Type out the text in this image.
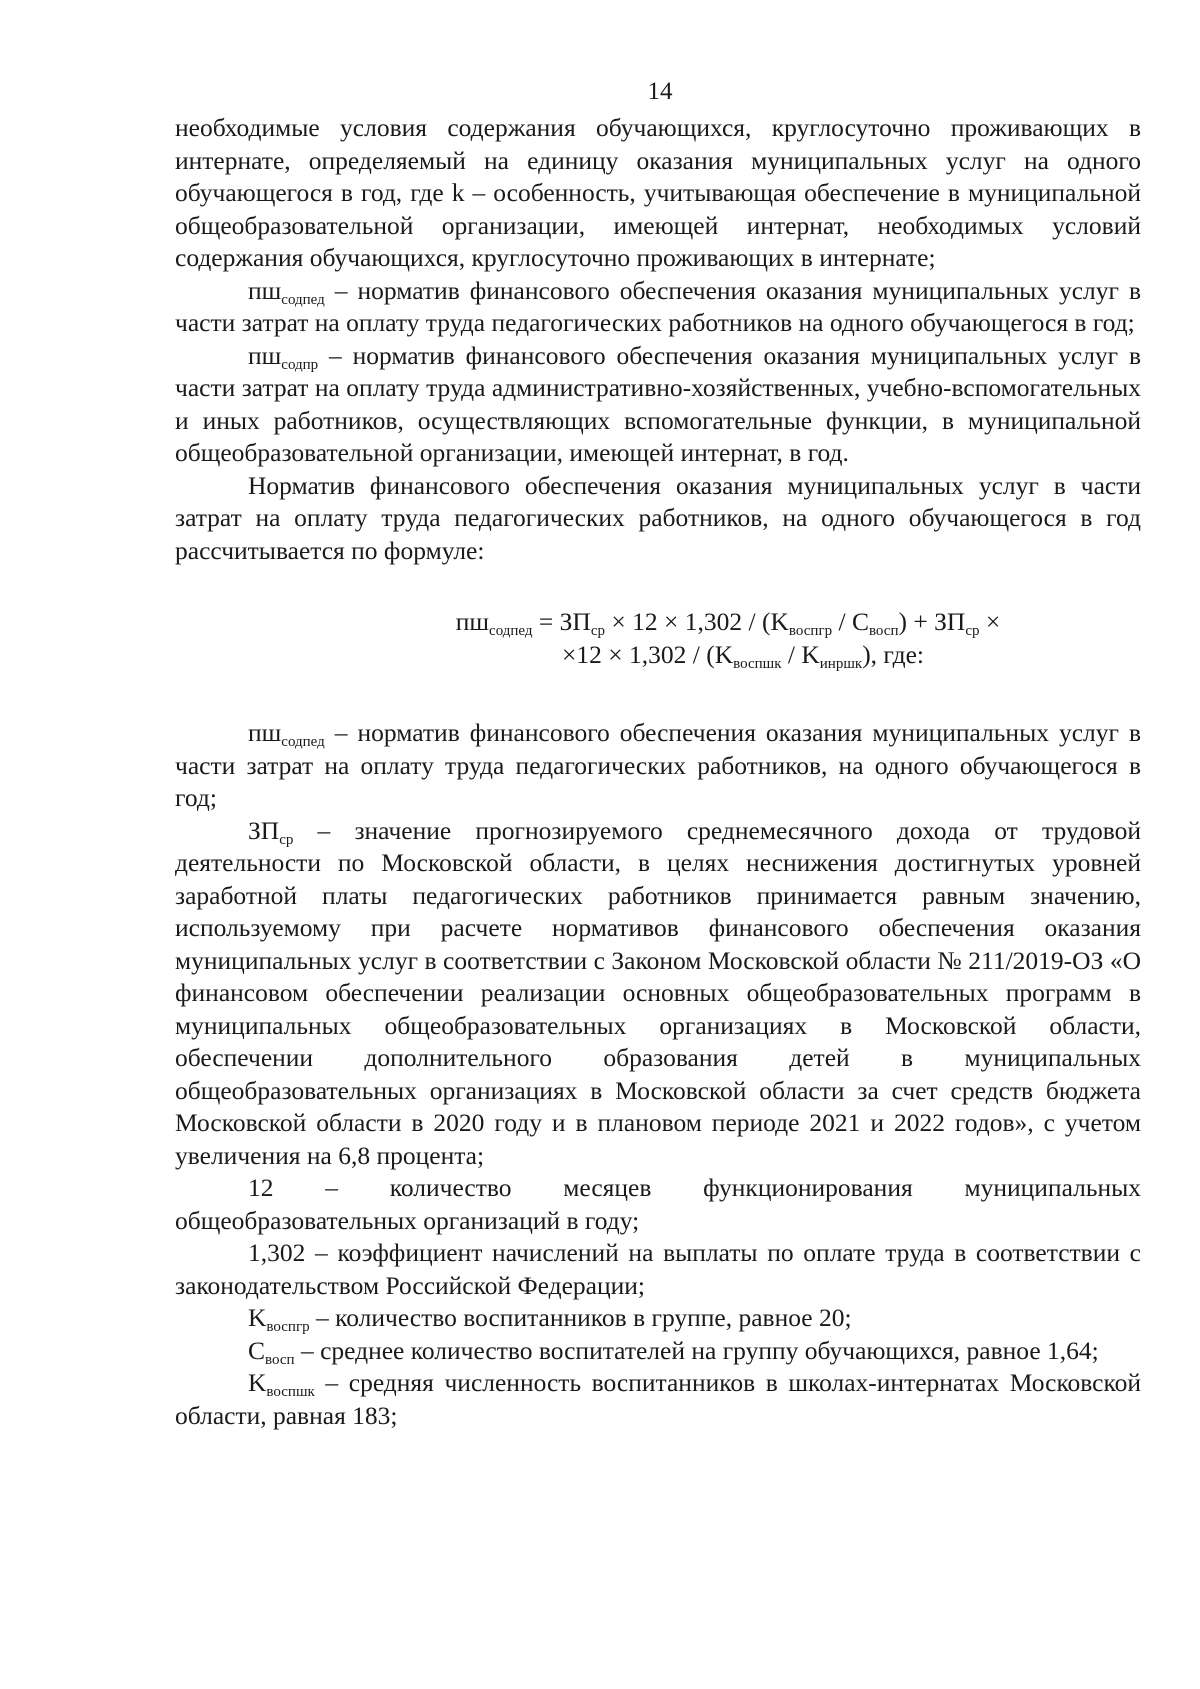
14

необходимые условия содержания обучающихся, круглосуточно проживающих в интернате, определяемый на единицу оказания муниципальных услуг на одного обучающегося в год, где k – особенность, учитывающая обеспечение в муниципальной общеобразовательной организации, имеющей интернат, необходимых условий содержания обучающихся, круглосуточно проживающих в интернате;

$пш_{содпед}$ – норматив финансового обеспечения оказания муниципальных услуг в части затрат на оплату труда педагогических работников на одного обучающегося в год;

$пш_{содпр}$ – норматив финансового обеспечения оказания муниципальных услуг в части затрат на оплату труда административно-хозяйственных, учебно-вспомогательных и иных работников, осуществляющих вспомогательные функции, в муниципальной общеобразовательной организации, имеющей интернат, в год.

Норматив финансового обеспечения оказания муниципальных услуг в части затрат на оплату труда педагогических работников, на одного обучающегося в год рассчитывается по формуле:

$пш_{содпед} = ЗП_{ср} \times 12 \times 1,302 / (K_{воспгр} / C_{восп}) + ЗП_{ср}$ ×
$\times 12 \times 1,302 / (K_{воспшк} / K_{инршк})$, где:

$пш_{содпед}$ – норматив финансового обеспечения оказания муниципальных услуг в части затрат на оплату труда педагогических работников, на одного обучающегося в год;

$ЗП_{ср}$ – значение прогнозируемого среднемесячного дохода от трудовой деятельности по Московской области, в целях неснижения достигнутых уровней заработной платы педагогических работников принимается равным значению, используемому при расчете нормативов финансового обеспечения оказания муниципальных услуг в соответствии с Законом Московской области № 211/2019-ОЗ «О финансовом обеспечении реализации основных общеобразовательных программ в муниципальных общеобразовательных организациях в Московской области, обеспечении дополнительного образования детей в муниципальных общеобразовательных организациях в Московской области за счет средств бюджета Московской области в 2020 году и в плановом периоде 2021 и 2022 годов», с учетом увеличения на 6,8 процента;

12 – количество месяцев функционирования муниципальных общеобразовательных организаций в году;

1,302 – коэффициент начислений на выплаты по оплате труда в соответствии с законодательством Российской Федерации;

$K_{воспгр}$ – количество воспитанников в группе, равное 20;

$C_{восп}$ – среднее количество воспитателей на группу обучающихся, равное 1,64;

$K_{воспшк}$ – средняя численность воспитанников в школах-интернатах Московской области, равная 183;
